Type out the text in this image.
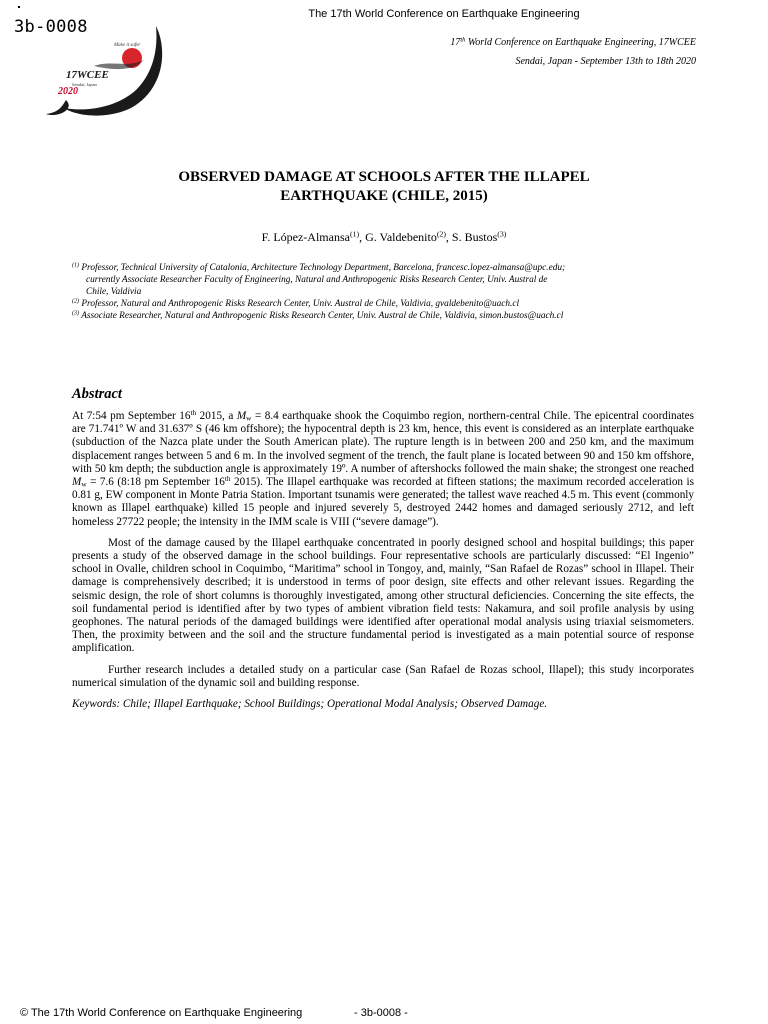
3b-0008
The 17th World Conference on Earthquake Engineering
Make it safer
17WCEE
Sendai, Japan
2020
17th World Conference on Earthquake Engineering, 17WCEE
Sendai, Japan - September 13th to 18th 2020
OBSERVED DAMAGE AT SCHOOLS AFTER THE ILLAPEL
EARTHQUAKE (CHILE, 2015)
F. López-Almansa$^{(1)}$, G. Valdebenito$^{(2)}$, S. Bustos$^{(3)}$

$^{(1)}$ Professor, Technical University of Catalonia, Architecture Technology Department, Barcelona, francesc.lopez-almansa@upc.edu;
currently Associate Researcher Faculty of Engineering, Natural and Anthropogenic Risks Research Center, Univ. Austral de
Chile, Valdivia

$^{(2)}$ Professor, Natural and Anthropogenic Risks Research Center, Univ. Austral de Chile, Valdivia, gvaldebenito@uach.cl

$^{(3)}$ Associate Researcher, Natural and Anthropogenic Risks Research Center, Univ. Austral de Chile, Valdivia, simon.bustos@uach.cl

Abstract

At 7:54 pm September 16th 2015, a $M_w = 8.4$ earthquake shook the Coquimbo region, northern-central Chile. The epicentral coordinates are 71.741º W and 31.637º S (46 km offshore); the hypocentral depth is 23 km, hence, this event is considered as an interplate earthquake (subduction of the Nazca plate under the South American plate). The rupture length is in between 200 and 250 km, and the maximum displacement ranges between 5 and 6 m. In the involved segment of the trench, the fault plane is located between 90 and 150 km offshore, with 50 km depth; the subduction angle is approximately 19º. A number of aftershocks followed the main shake; the strongest one reached $M_w = 7.6$ (8:18 pm September 16th 2015). The Illapel earthquake was recorded at fifteen stations; the maximum recorded acceleration is 0.81 g, EW component in Monte Patria Station. Important tsunamis were generated; the tallest wave reached 4.5 m. This event (commonly known as Illapel earthquake) killed 15 people and injured severely 5, destroyed 2442 homes and damaged seriously 2712, and left homeless 27722 people; the intensity in the IMM scale is VIII (“severe damage”).

Most of the damage caused by the Illapel earthquake concentrated in poorly designed school and hospital buildings; this paper presents a study of the observed damage in the school buildings. Four representative schools are particularly discussed: “El Ingenio” school in Ovalle, children school in Coquimbo, “Maritima” school in Tongoy, and, mainly, “San Rafael de Rozas” school in Illapel. Their damage is comprehensively described; it is understood in terms of poor design, site effects and other relevant issues. Regarding the seismic design, the role of short columns is thoroughly investigated, among other structural deficiencies. Concerning the site effects, the soil fundamental period is identified after by two types of ambient vibration field tests: Nakamura, and soil profile analysis by using geophones. The natural periods of the damaged buildings were identified after operational modal analysis using triaxial seismometers. Then, the proximity between and the soil and the structure fundamental period is investigated as a main potential source of response amplification.

Further research includes a detailed study on a particular case (San Rafael de Rozas school, Illapel); this study incorporates numerical simulation of the dynamic soil and building response.

Keywords: Chile; Illapel Earthquake; School Buildings; Operational Modal Analysis; Observed Damage.

© The 17th World Conference on Earthquake Engineering	- 3b-0008 -
